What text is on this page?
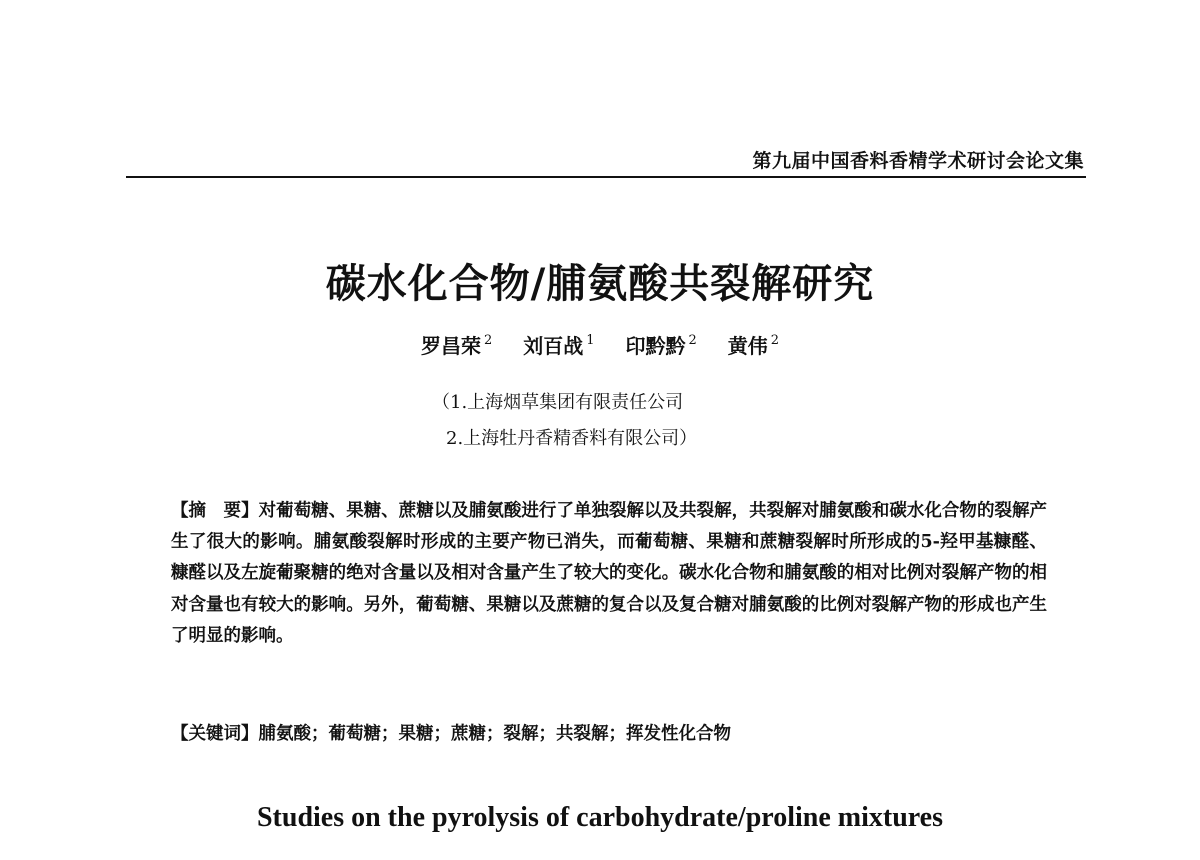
第九届中国香料香精学术研讨会论文集
碳水化合物/脯氨酸共裂解研究
罗昌荣 $^2$ 刘百战 $^1$ 印黔黔 $^2$ 黄伟 $^2$
（1.上海烟草集团有限责任公司
2.上海牡丹香精香料有限公司）
【摘　要】对葡萄糖、果糖、蔗糖以及脯氨酸进行了单独裂解以及共裂解，共裂解对脯氨酸和碳水化合物的裂解产生了很大的影响。脯氨酸裂解时形成的主要产物已消失，而葡萄糖、果糖和蔗糖裂解时所形成的5-羟甲基糠醛、糠醛以及左旋葡聚糖的绝对含量以及相对含量产生了较大的变化。碳水化合物和脯氨酸的相对比例对裂解产物的相对含量也有较大的影响。另外，葡萄糖、果糖以及蔗糖的复合以及复合糖对脯氨酸的比例对裂解产物的形成也产生了明显的影响。
【关键词】脯氨酸；葡萄糖；果糖；蔗糖；裂解；共裂解；挥发性化合物
Studies on the pyrolysis of carbohydrate/proline mixtures
